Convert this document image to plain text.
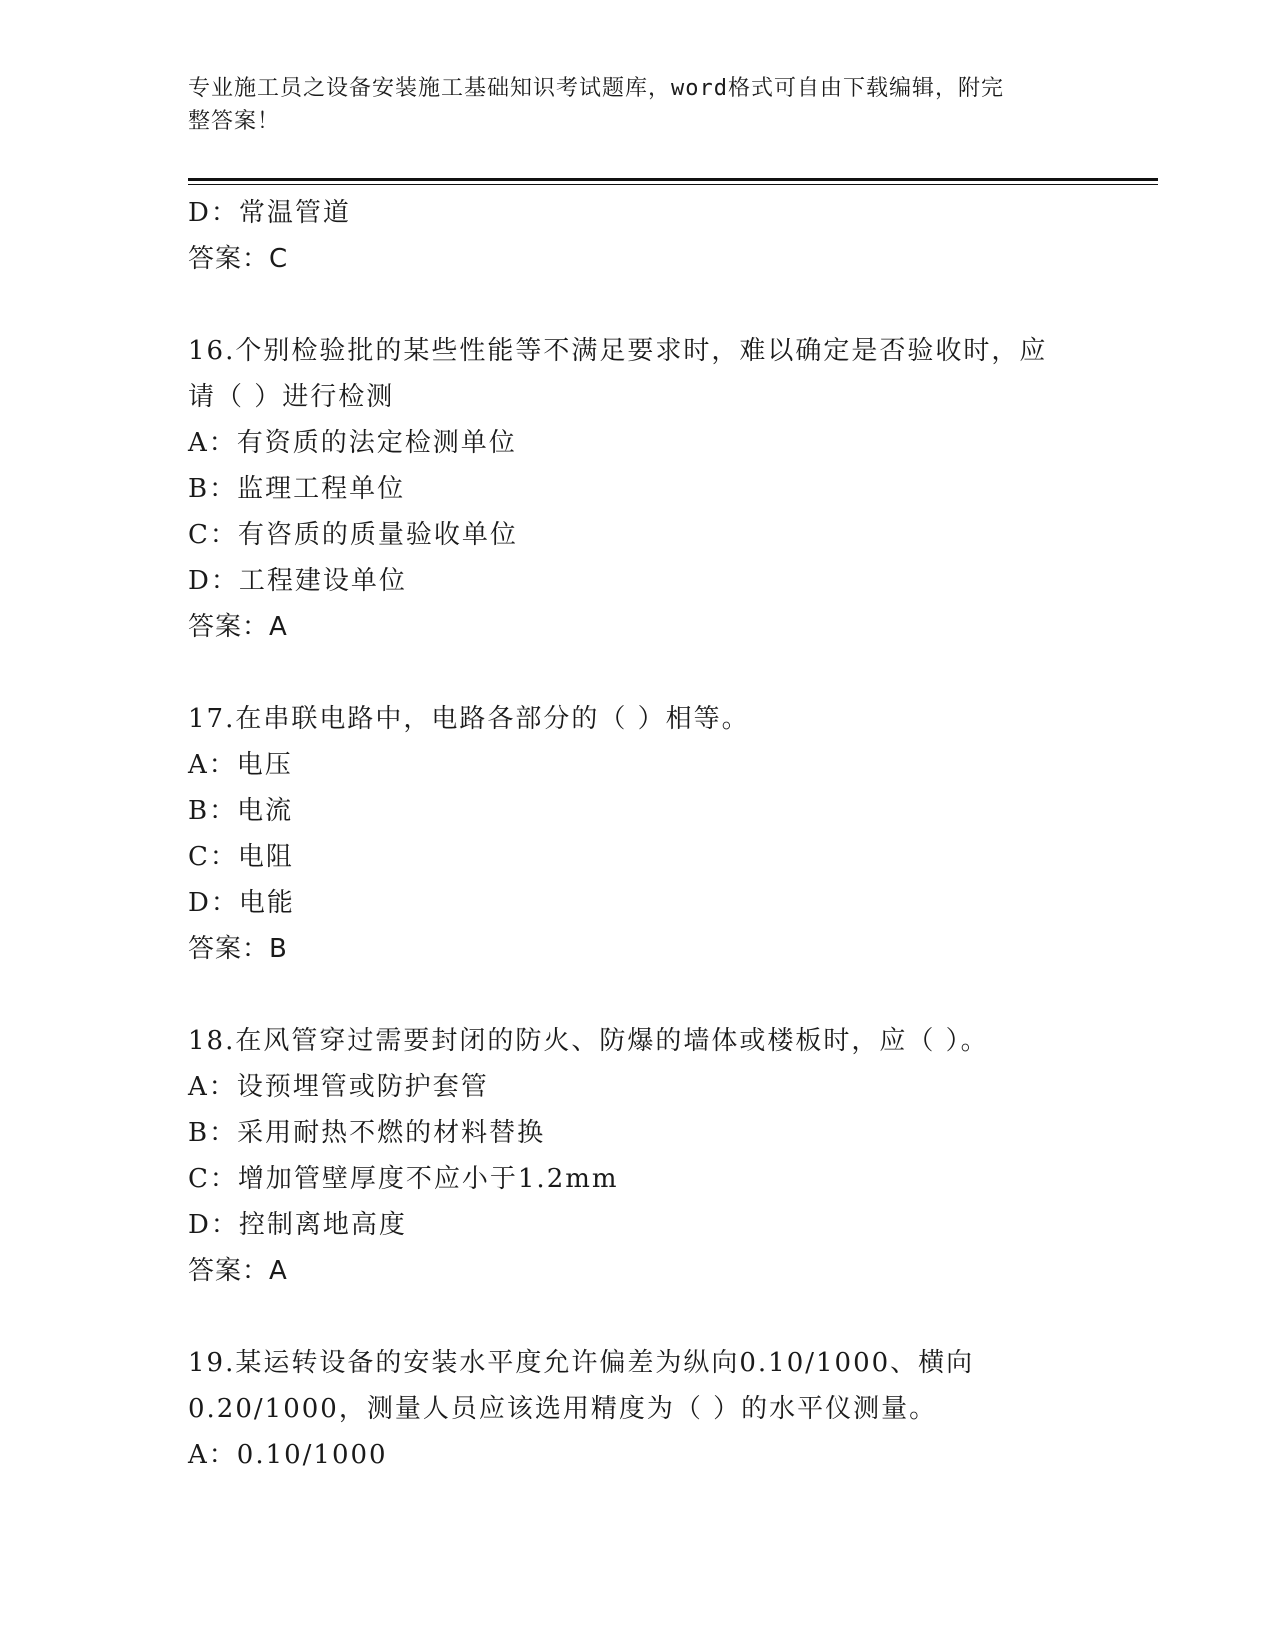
专业施工员之设备安装施工基础知识考试题库，word格式可自由下载编辑，附完
整答案！
D：常温管道
答案：C
16.个别检验批的某些性能等不满足要求时，难以确定是否验收时，应
请（ ）进行检测
A：有资质的法定检测单位
B：监理工程单位
C：有咨质的质量验收单位
D：工程建设单位
答案：A
17.在串联电路中，电路各部分的（ ）相等。
A：电压
B：电流
C：电阻
D：电能
答案：B
18.在风管穿过需要封闭的防火、防爆的墙体或楼板时，应（ ）。
A：设预埋管或防护套管
B：采用耐热不燃的材料替换
C：增加管壁厚度不应小于1.2mm
D：控制离地高度
答案：A
19.某运转设备的安装水平度允许偏差为纵向0.10/1000、横向
0.20/1000，测量人员应该选用精度为（ ）的水平仪测量。
A：0.10/1000
